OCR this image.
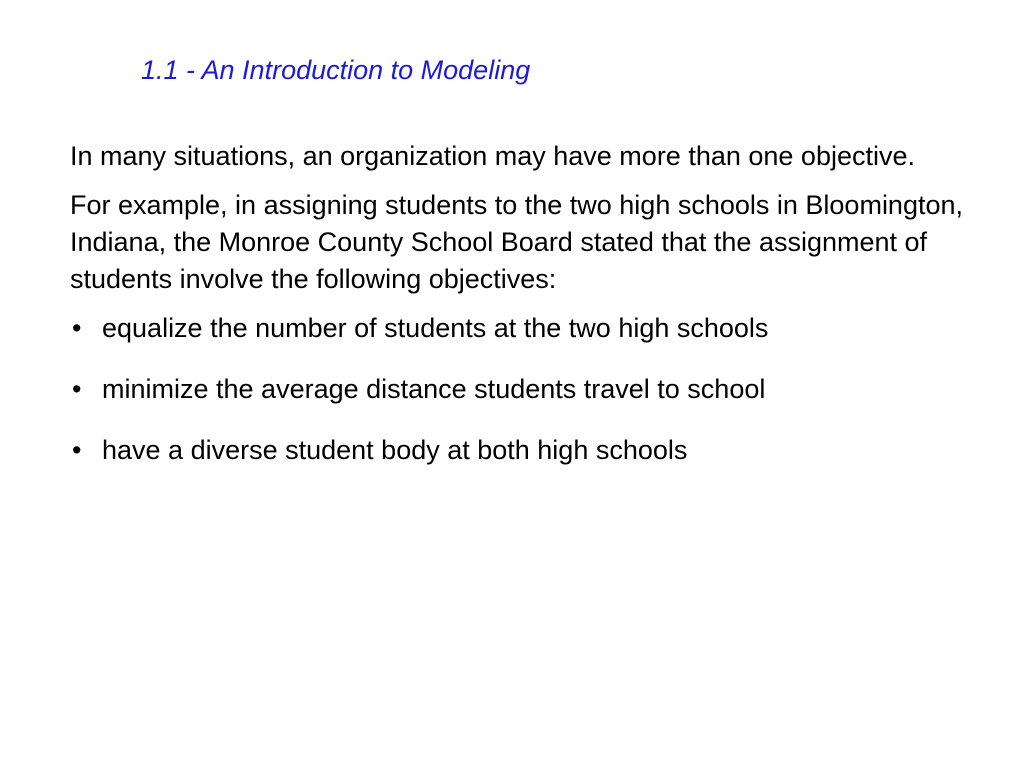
1.1 - An Introduction to Modeling

In many situations, an organization may have more than one objective.

For example, in assigning students to the two high schools in Bloomington, Indiana, the Monroe County School Board stated that the assignment of students involve the following objectives:

• equalize the number of students at the two high schools
• minimize the average distance students travel to school
• have a diverse student body at both high schools
